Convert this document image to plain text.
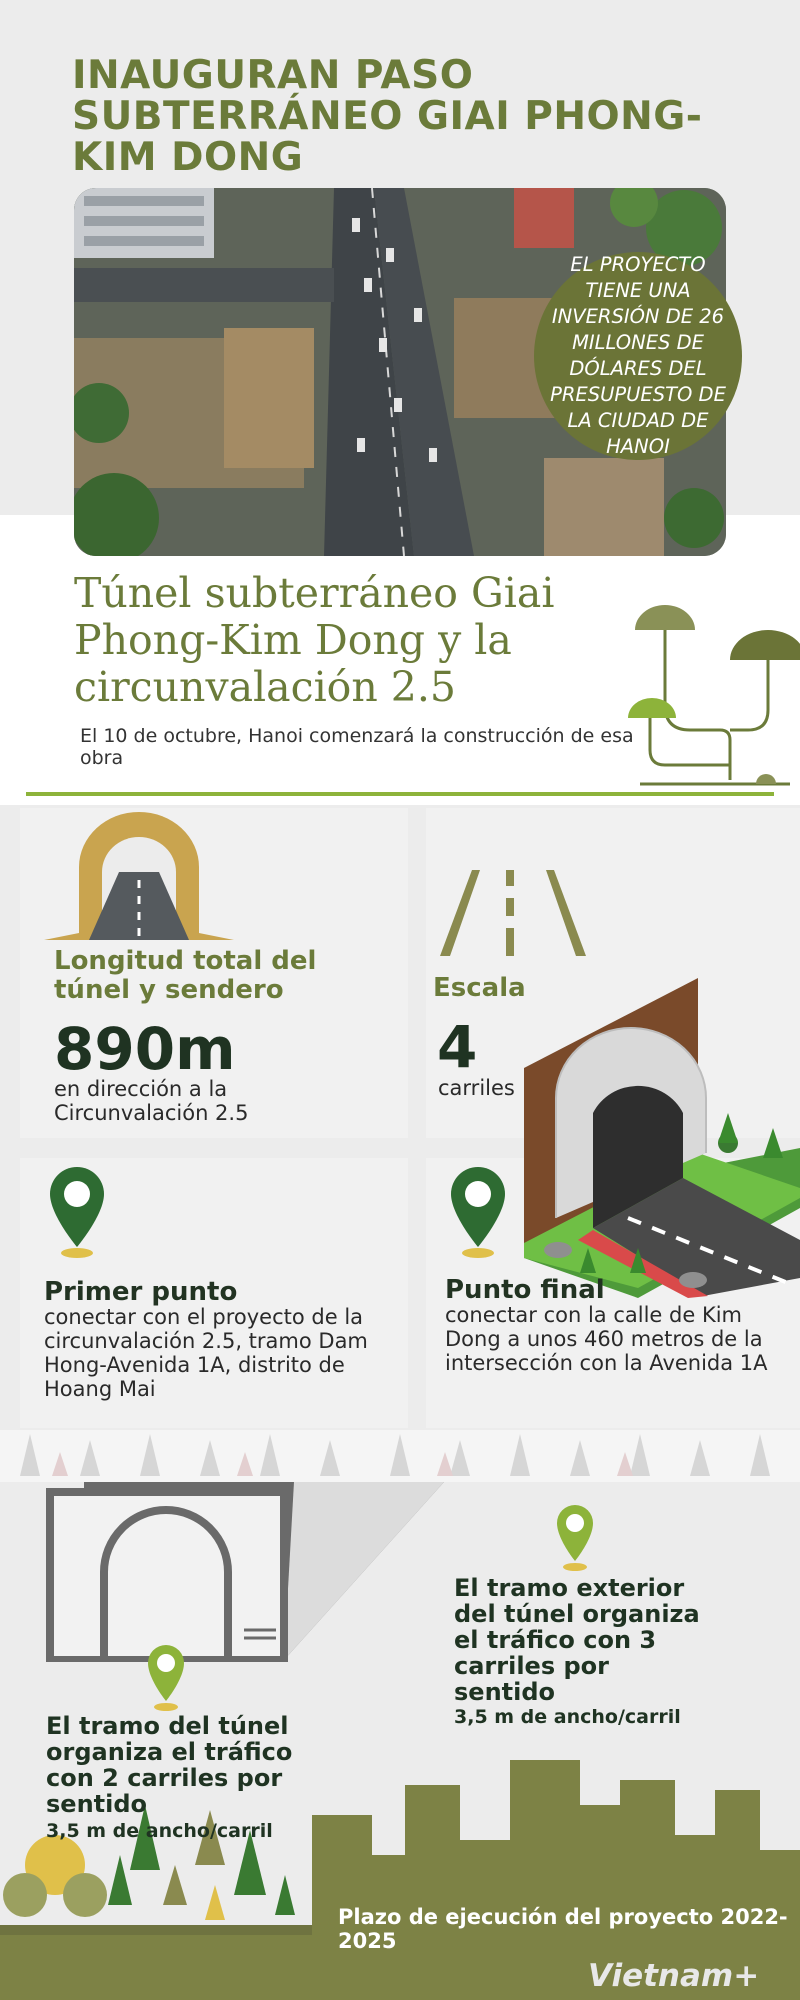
INAUGURAN PASO SUBTERRÁNEO GIAI PHONG-KIM DONG
EL PROYECTO TIENE UNA INVERSIÓN DE 26 MILLONES DE DÓLARES DEL PRESUPUESTO DE LA CIUDAD DE HANOI
Túnel subterráneo Giai Phong-Kim Dong y la circunvalación 2.5
El 10 de octubre, Hanoi comenzará la construcción de esa obra
Longitud total del túnel y sendero
890m
en dirección a la Circunvalación 2.5
Escala
4
carriles
Primer punto
conectar con el proyecto de la circunvalación 2.5, tramo Dam Hong-Avenida 1A, distrito de Hoang Mai
Punto final
conectar con la calle de Kim Dong a unos 460 metros de la intersección con la Avenida 1A
El tramo exterior del túnel organiza el tráfico con 3 carriles por sentido
3,5 m de ancho/carril
El tramo del túnel organiza el tráfico con 2 carriles por sentido
3,5 m de ancho/carril
Plazo de ejecución del proyecto 2022-2025
Vietnam+
